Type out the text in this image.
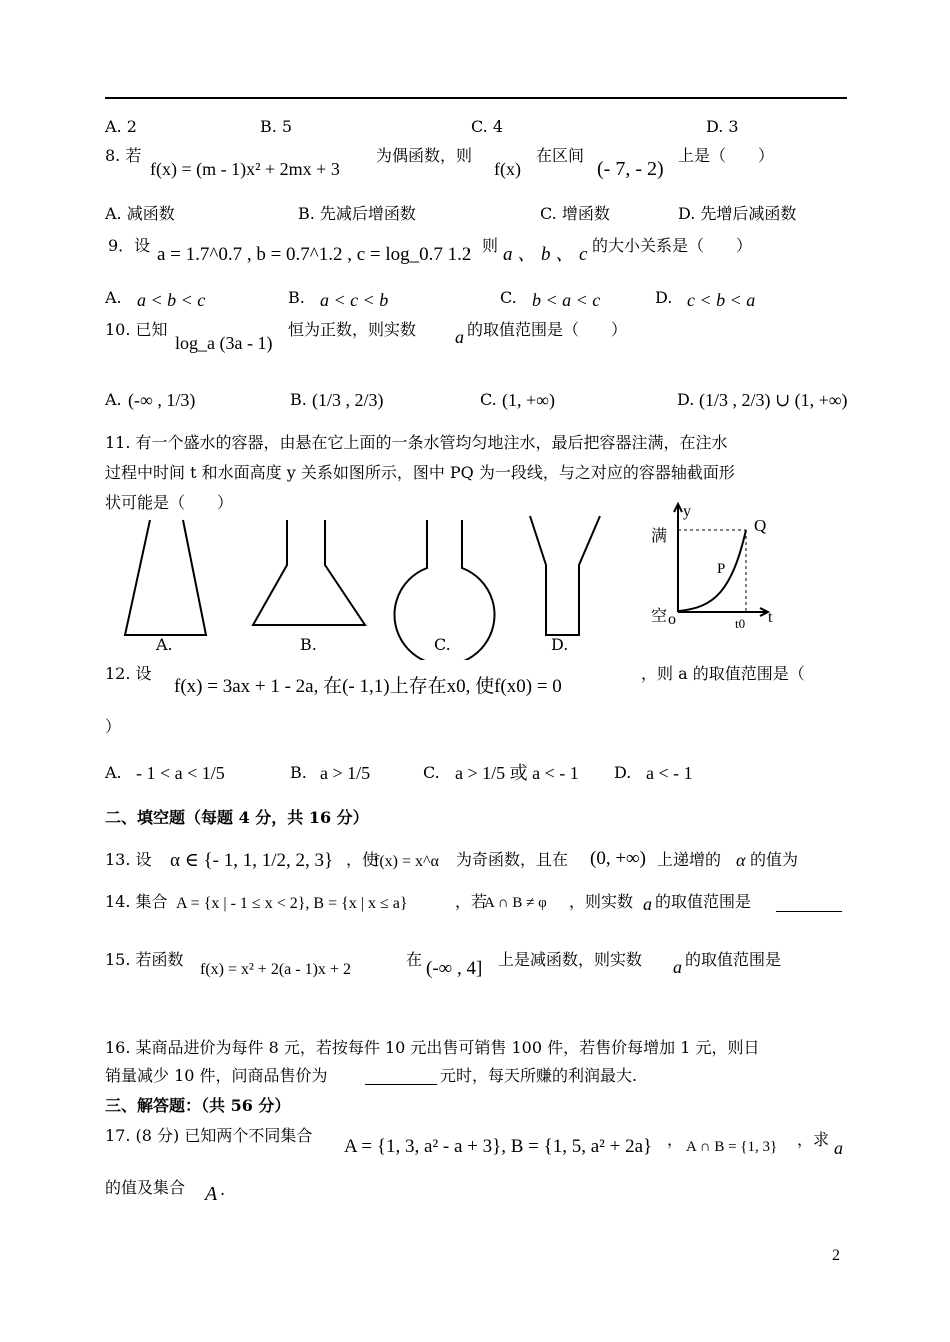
A. 2	B. 5	C. 4	D. 3
8. 若
f(x) = (m - 1)x² + 2mx + 3
为偶函数，则
f(x)
在区间
(- 7, - 2)
上是（　　）
A. 减函数	B. 先减后增函数	C. 增函数	D. 先增后减函数
9．设 a = 1.7^0.7 , b = 0.7^1.2 , c = log_0.7 1.2
，则 a 、 b 、 c 的大小关系是（　　）
A. a < b < c	B. a < c < b	C. b < a < c	D. c < b < a
10. 已知
log_a (3a - 1)
恒为正数，则实数 a 的取值范围是（　　）
A. (-∞ , 1/3)	B. (1/3 , 2/3)	C. (1, +∞)	D. (1/3 , 2/3) ∪ (1, +∞)
11. 有一个盛水的容器，由悬在它上面的一条水管均匀地注水，最后把容器注满，在注水
过程中时间 t 和水面高度 y 关系如图所示，图中 PQ 为一段线，与之对应的容器轴截面形
状可能是（　　）
A.	B.	C.	D.
y
Q
满
P
空 o	t0 t
12. 设
f(x) = 3ax + 1 - 2a, 在(- 1,1)上存在x0, 使f(x0) = 0
，则 a 的取值范围是（
）
A. - 1 < a < 1/5	B. a > 1/5	C. a > 1/5 或 a < - 1 D. a < - 1
二、填空题（每题 4 分，共 16 分）
13. 设 α ∈ {- 1, 1, 1/2, 2, 3} ，使
f(x) = x^α 为奇函数，且在 (0, +∞) 上递增的 α 的值为
14. 集合 A = {x | - 1 ≤ x < 2}, B = {x | x ≤ a}	，若
A ∩ B ≠ φ ，则实数 a 的取值范围是
15. 若函数
f(x) = x² + 2(a - 1)x + 2
在 (-∞ , 4] 上是减函数，则实数 a 的取值范围是
16. 某商品进价为每件 8 元，若按每件 10 元出售可销售 100 件，若售价每增加 1 元，则日
销量减少 10 件，问商品售价为	元时，每天所赚的利润最大.
三、解答题：（共 56 分）
17. (8 分) 已知两个不同集合
A = {1, 3, a² - a + 3}, B = {1, 5, a² + 2a} ， A ∩ B = {1, 3} ，求 a
的值及集合 A .
2
